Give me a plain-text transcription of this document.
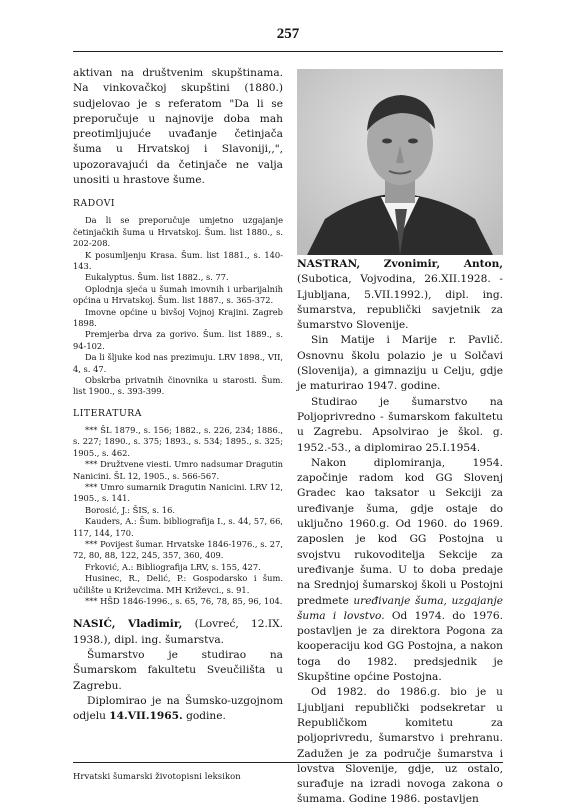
257

aktivan na društvenim skupštinama. Na vinkovačkoj skupštini (1880.) sudjelovao je s referatom "Da li se preporučuje u najnovije doba mah preotimljujuće uvađanje četinjača šuma u Hrvatskoj i Slavoniji,,", upozoravajući da četinjače ne valja unositi u hrastove šume.

RADOVI
Da li se preporučuje umjetno uzgajanje četinjačkih šuma u Hrvatskoj. Šum. list 1880., s. 202-208.
K posumljenju Krasa. Šum. list 1881., s. 140-143.
Eukalyptus. Šum. list 1882., s. 77.
Oplodnja sjeća u šumah imovnih i urbarijalnih općina u Hrvatskoj. Šum. list 1887., s. 365-372.
Imovne općine u bivšoj Vojnoj Krajini. Zagreb 1898.
Premjerba drva za gorivo. Šum. list 1889., s. 94-102.
Da li šljuke kod nas prezimuju. LRV 1898., VII, 4, s. 47.
Obskrba privatnih činovnika u starosti. Šum. list 1900., s. 393-399.
LITERATURA
*** ŠL 1879., s. 156; 1882., s. 226, 234; 1886., s. 227; 1890., s. 375; 1893., s. 534; 1895., s. 325; 1905., s. 462.
*** Družtvene viesti. Umro nadsumar Dragutin Nanicini. ŠL 12, 1905., s. 566-567.
*** Umro sumarnik Dragutin Nanicini. LRV 12, 1905., s. 141.
Borosić, J.: ŠIS, s. 16.
Kauders, A.: Šum. bibliografija I., s. 44, 57, 66, 117, 144, 170.
*** Povijest šumar. Hrvatske 1846-1976., s. 27, 72, 80, 88, 122, 245, 357, 360, 409.
Frković, A.: Bibliografija LRV, s. 155, 427.
Husinec, R., Delić, P.: Gospodarsko i šum. učilište u Križevcima. MH Križevci., s. 91.
*** HŠD 1846-1996., s. 65, 76, 78, 85, 96, 104.

NASIĆ, Vladimir, (Lovreć, 12.IX. 1938.), dipl. ing. šumarstva.

Šumarstvo je studirao na Šumarskom fakultetu Sveučilišta u Zagrebu.

Diplomirao je na Šumsko-uzgojnom odjelu 14.VII.1965. godine.

NASTRAN, Zvonimir, Anton, (Subotica, Vojvodina, 26.XII.1928. - Ljubljana, 5.VII.1992.), dipl. ing. šumarstva, republički savjetnik za šumarstvo Slovenije.

Sin Matije i Marije r. Pavlič. Osnovnu školu polazio je u Solčavi (Slovenija), a gimnaziju u Celju, gdje je maturirao 1947. godine.

Studirao je šumarstvo na Poljoprivredno - šumarskom fakultetu u Zagrebu. Apsolvirao je škol. g. 1952.-53., a diplomirao 25.I.1954.

Nakon diplomiranja, 1954. započinje radom kod GG Slovenj Gradec kao taksator u Sekciji za uređivanje šuma, gdje ostaje do uključno 1960.g. Od 1960. do 1969. zaposlen je kod GG Postojna u svojstvu rukovoditelja Sekcije za uređivanje šuma. U to doba predaje na Srednjoj šumarskoj školi u Postojni predmete uređivanje šuma, uzgajanje šuma i lovstvo. Od 1974. do 1976. postavljen je za direktora Pogona za kooperaciju kod GG Postojna, a nakon toga do 1982. predsjednik je Skupštine općine Postojna.

Od 1982. do 1986.g. bio je u Ljubljani republički podsekretar u Republičkom komitetu za poljoprivredu, šumarstvo i prehranu. Zadužen je za područje šumarstva i lovstva Slovenije, gdje, uz ostalo, surađuje na izradi novoga zakona o šumama. Godine 1986. postavljen

Hrvatski šumarski životopisni leksikon
